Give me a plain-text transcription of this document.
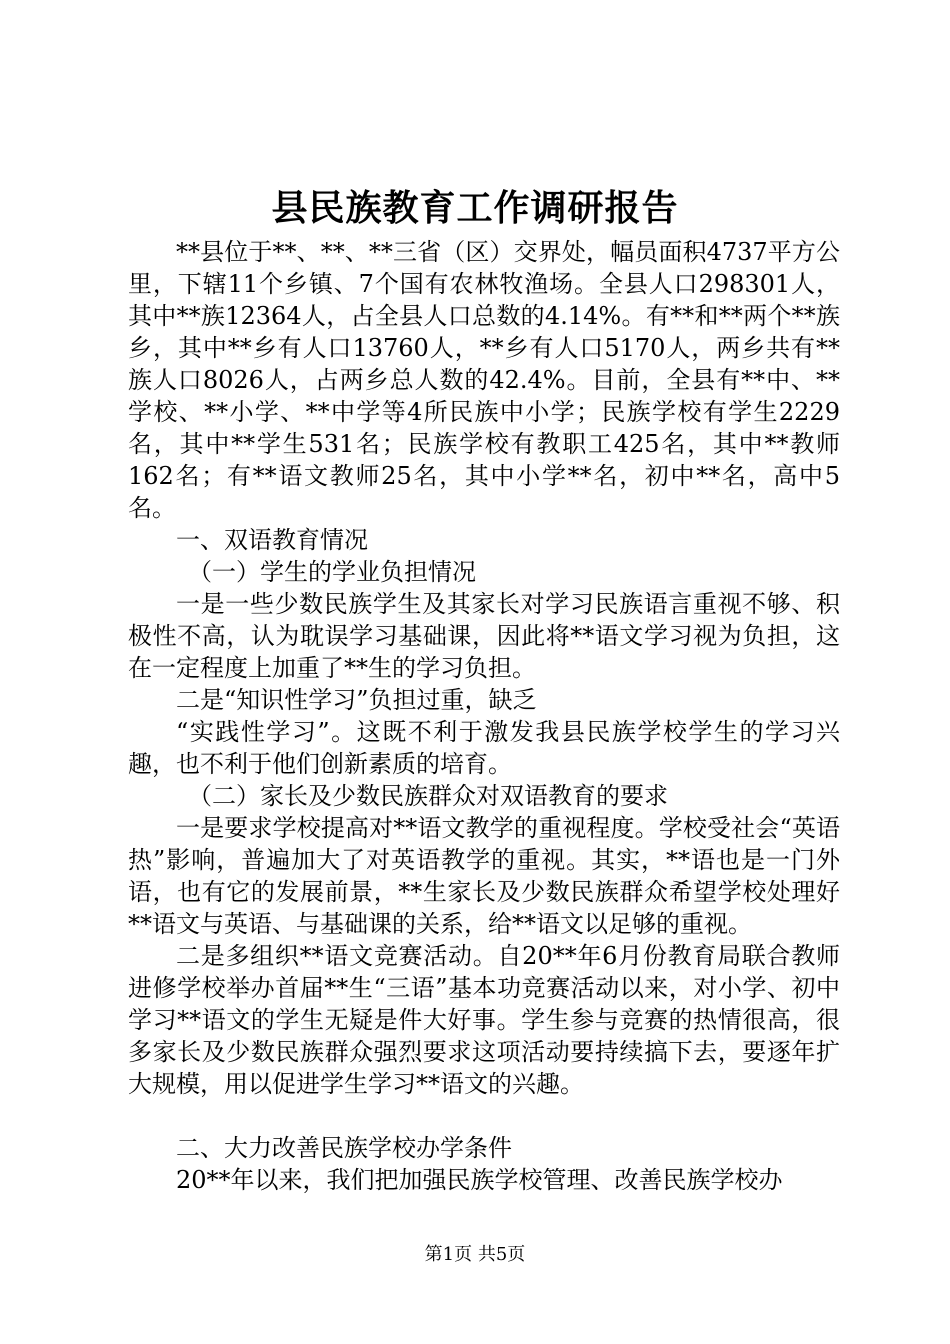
县民族教育工作调研报告

**县位于**、**、**三省（区）交界处，幅员面积4737平方公里，下辖11个乡镇、7个国有农林牧渔场。全县人口298301人，其中**族12364人，占全县人口总数的4.14%。有**和**两个**族乡，其中**乡有人口13760人，**乡有人口5170人，两乡共有**族人口8026人，占两乡总人数的42.4%。目前，全县有**中、**学校、**小学、**中学等4所民族中小学；民族学校有学生2229名，其中**学生531名；民族学校有教职工425名，其中**教师162名；有**语文教师25名，其中小学**名，初中**名，高中5名。

一、双语教育情况

（一）学生的学业负担情况

一是一些少数民族学生及其家长对学习民族语言重视不够、积极性不高，认为耽误学习基础课，因此将**语文学习视为负担，这在一定程度上加重了**生的学习负担。

二是“知识性学习”负担过重，缺乏

“实践性学习”。这既不利于激发我县民族学校学生的学习兴趣，也不利于他们创新素质的培育。

（二）家长及少数民族群众对双语教育的要求

一是要求学校提高对**语文教学的重视程度。学校受社会“英语热”影响，普遍加大了对英语教学的重视。其实，**语也是一门外语，也有它的发展前景，**生家长及少数民族群众希望学校处理好**语文与英语、与基础课的关系，给**语文以足够的重视。

二是多组织**语文竞赛活动。自20**年6月份教育局联合教师进修学校举办首届**生“三语”基本功竞赛活动以来，对小学、初中学习**语文的学生无疑是件大好事。学生参与竞赛的热情很高，很多家长及少数民族群众强烈要求这项活动要持续搞下去，要逐年扩大规模，用以促进学生学习**语文的兴趣。

二、大力改善民族学校办学条件

20**年以来，我们把加强民族学校管理、改善民族学校办

第1页 共5页
